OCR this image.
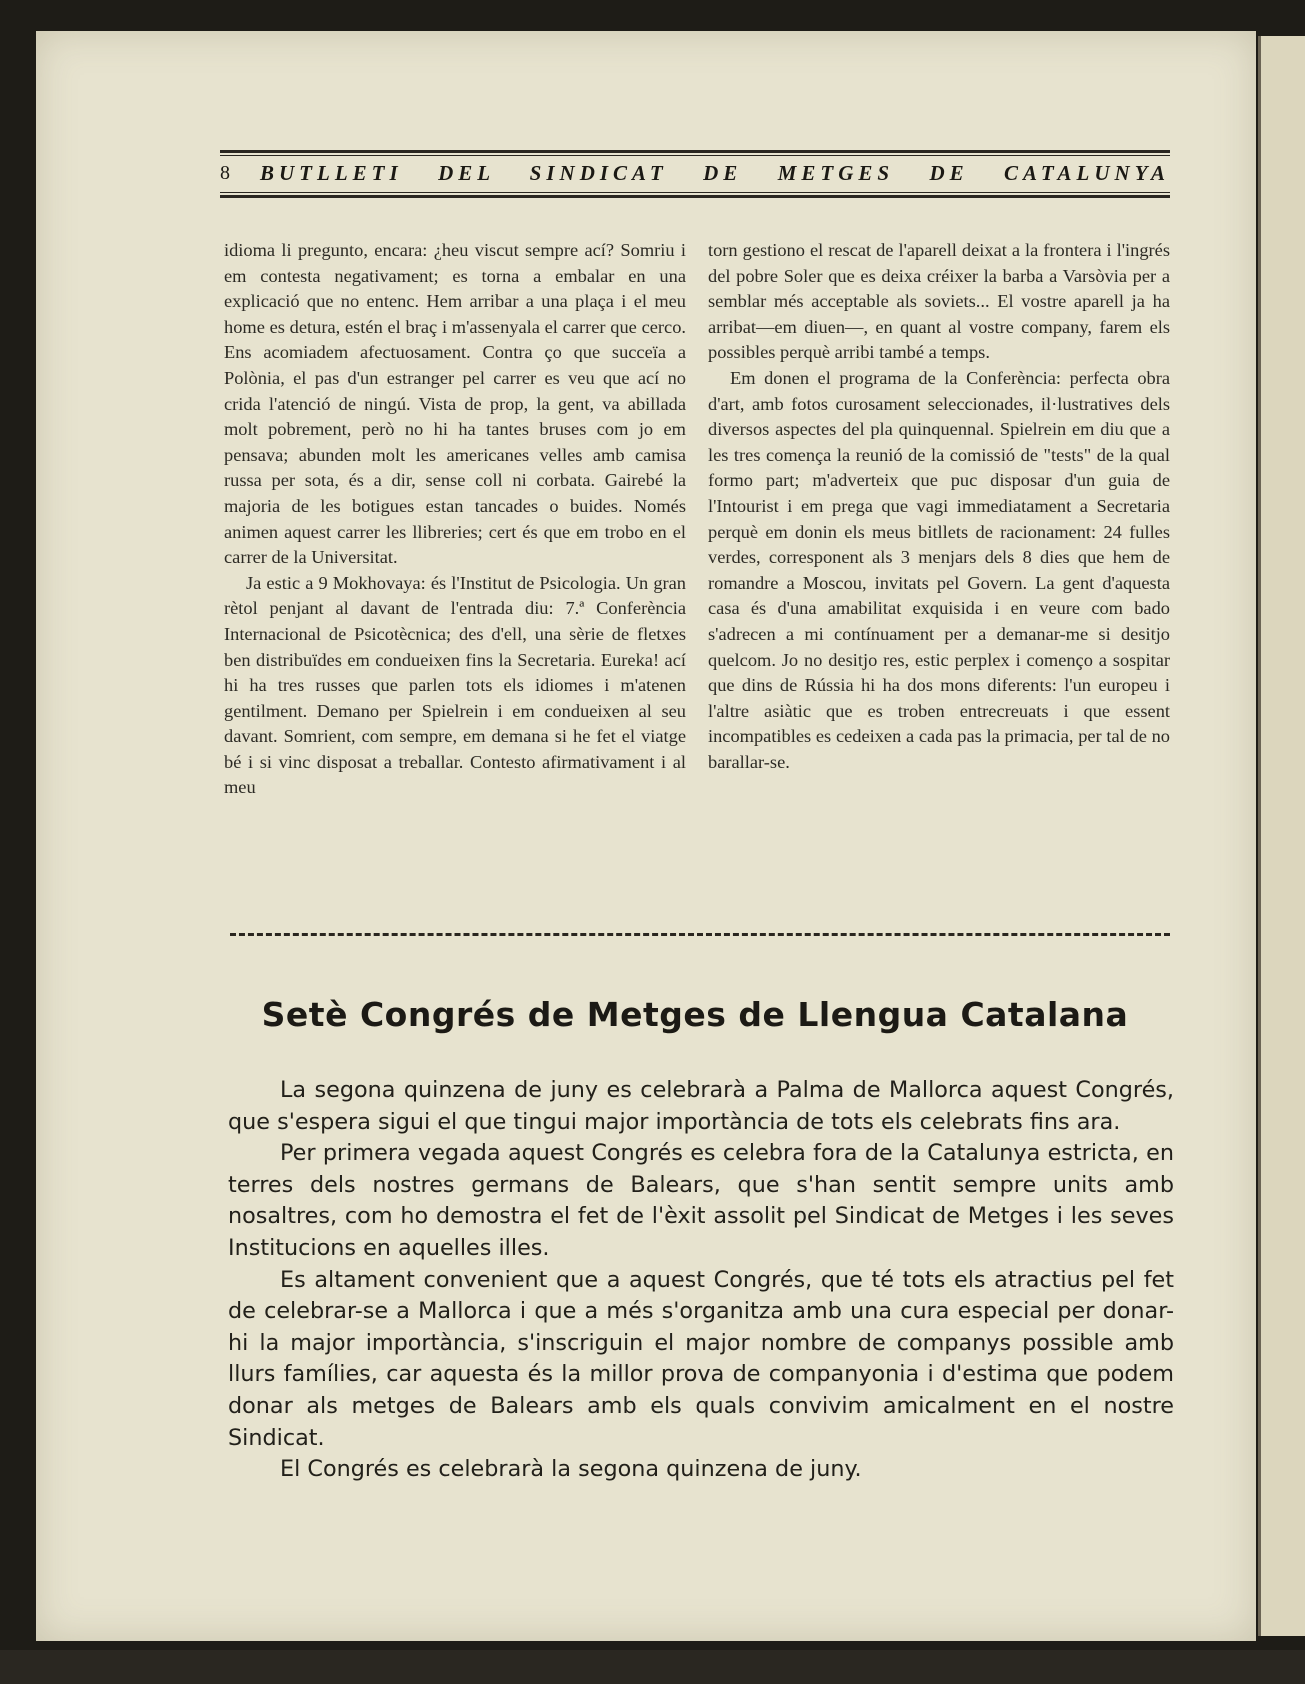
8	BUTLLETI DEL SINDICAT DE METGES DE CATALUNYA

idioma li pregunto, encara: ¿heu viscut sempre ací? Somriu i em contesta negativament; es torna a embalar en una explicació que no entenc. Hem arribar a una plaça i el meu home es detura, estén el braç i m'assenyala el carrer que cerco. Ens acomiadem afectuosament. Contra ço que succeïa a Polònia, el pas d'un estranger pel carrer es veu que ací no crida l'atenció de ningú. Vista de prop, la gent, va abillada molt pobrement, però no hi ha tantes bruses com jo em pensava; abunden molt les americanes velles amb camisa russa per sota, és a dir, sense coll ni corbata. Gairebé la majoria de les botigues estan tancades o buides. Només animen aquest carrer les llibreries; cert és que em trobo en el carrer de la Universitat.

Ja estic a 9 Mokhovaya: és l'Institut de Psicologia. Un gran rètol penjant al davant de l'entrada diu: 7.ª Conferència Internacional de Psicotècnica; des d'ell, una sèrie de fletxes ben distribuïdes em condueixen fins la Secretaria. Eureka! ací hi ha tres russes que parlen tots els idiomes i m'atenen gentilment. Demano per Spielrein i em condueixen al seu davant. Somrient, com sempre, em demana si he fet el viatge bé i si vinc disposat a treballar. Contesto afirmativament i al meu

torn gestiono el rescat de l'aparell deixat a la frontera i l'ingrés del pobre Soler que es deixa créixer la barba a Varsòvia per a semblar més acceptable als soviets... El vostre aparell ja ha arribat—em diuen—, en quant al vostre company, farem els possibles perquè arribi també a temps.

Em donen el programa de la Conferència: perfecta obra d'art, amb fotos curosament seleccionades, il·lustratives dels diversos aspectes del pla quinquennal. Spielrein em diu que a les tres comença la reunió de la comissió de "tests" de la qual formo part; m'adverteix que puc disposar d'un guia de l'Intourist i em prega que vagi immediatament a Secretaria perquè em donin els meus bitllets de racionament: 24 fulles verdes, corresponent als 3 menjars dels 8 dies que hem de romandre a Moscou, invitats pel Govern. La gent d'aquesta casa és d'una amabilitat exquisida i en veure com bado s'adrecen a mi contínuament per a demanar-me si desitjo quelcom. Jo no desitjo res, estic perplex i començo a sospitar que dins de Rússia hi ha dos mons diferents: l'un europeu i l'altre asiàtic que es troben entrecreuats i que essent incompatibles es cedeixen a cada pas la primacia, per tal de no barallar-se.

Setè Congrés de Metges de Llengua Catalana

La segona quinzena de juny es celebrarà a Palma de Mallorca aquest Congrés, que s'espera sigui el que tingui major importància de tots els celebrats fins ara.

Per primera vegada aquest Congrés es celebra fora de la Catalunya estricta, en terres dels nostres germans de Balears, que s'han sentit sempre units amb nosaltres, com ho demostra el fet de l'èxit assolit pel Sindicat de Metges i les seves Institucions en aquelles illes.

Es altament convenient que a aquest Congrés, que té tots els atractius pel fet de celebrar-se a Mallorca i que a més s'organitza amb una cura especial per donar-hi la major importància, s'inscriguin el major nombre de companys possible amb llurs famílies, car aquesta és la millor prova de companyonia i d'estima que podem donar als metges de Balears amb els quals convivim amicalment en el nostre Sindicat.

El Congrés es celebrarà la segona quinzena de juny.
